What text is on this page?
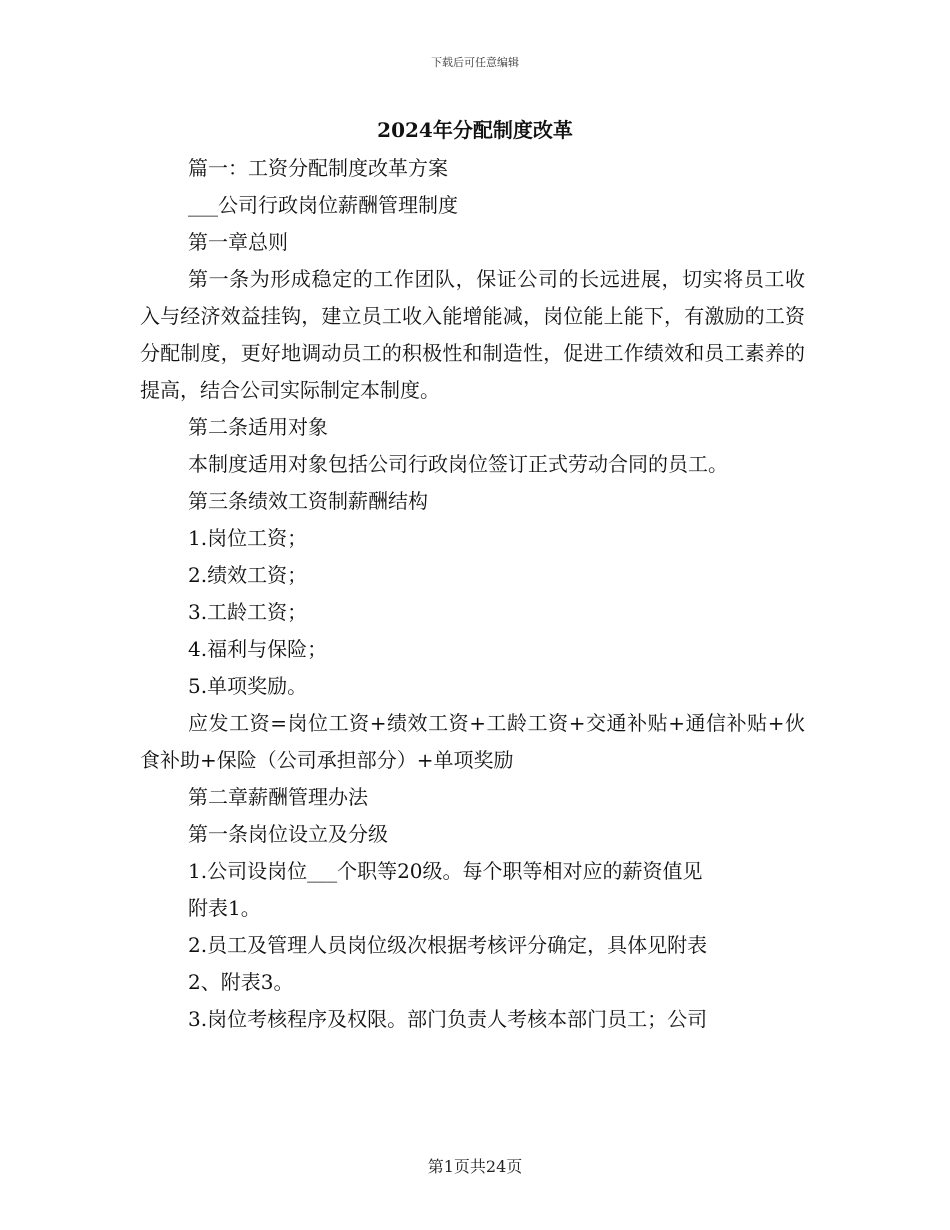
下载后可任意编辑
2024年分配制度改革

篇一：工资分配制度改革方案

___公司行政岗位薪酬管理制度

第一章总则

第一条为形成稳定的工作团队，保证公司的长远进展，切实将员工收入与经济效益挂钩，建立员工收入能增能减，岗位能上能下，有激励的工资分配制度，更好地调动员工的积极性和制造性，促进工作绩效和员工素养的提高，结合公司实际制定本制度。

第二条适用对象

本制度适用对象包括公司行政岗位签订正式劳动合同的员工。

第三条绩效工资制薪酬结构

1.岗位工资；

2.绩效工资；

3.工龄工资；

4.福利与保险；

5.单项奖励。

应发工资=岗位工资+绩效工资+工龄工资+交通补贴+通信补贴+伙食补助+保险（公司承担部分）+单项奖励

第二章薪酬管理办法

第一条岗位设立及分级

1.公司设岗位___个职等20级。每个职等相对应的薪资值见

附表1。

2.员工及管理人员岗位级次根据考核评分确定，具体见附表

2、附表3。

3.岗位考核程序及权限。部门负责人考核本部门员工；公司

第1页共24页
